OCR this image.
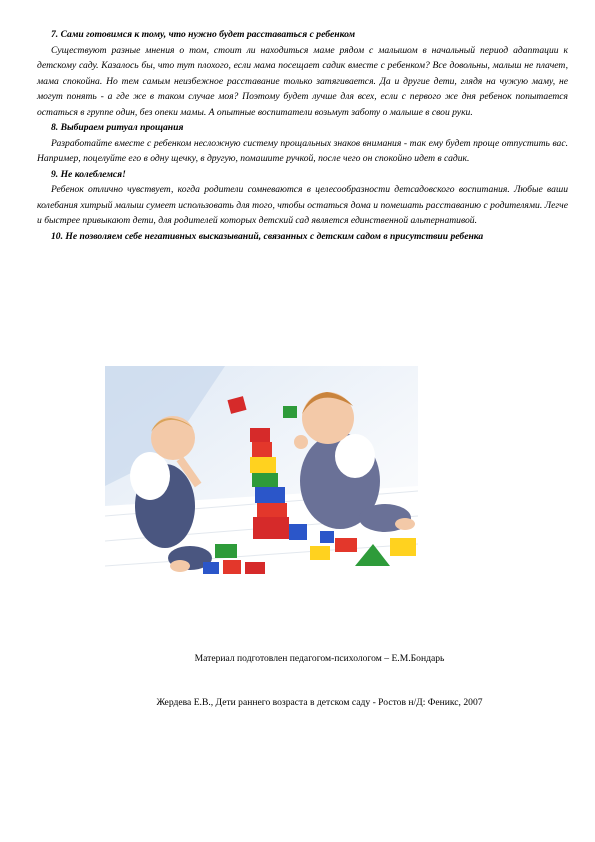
7. Сами готовимся к тому, что нужно будет расставаться с ребенком

Существуют разные мнения о том, стоит ли находиться маме рядом с малышом в начальный период адаптации к детскому саду. Казалось бы, что тут плохого, если мама посещает садик вместе с ребенком? Все довольны, малыш не плачет, мама спокойна. Но тем самым неизбежное расставание только затягивается. Да и другие дети, глядя на чужую маму, не могут понять - а где же в таком случае моя? Поэтому будет лучше для всех, если с первого же дня ребенок попытается остаться в группе один, без опеки мамы. А опытные воспитатели возьмут заботу о малыше в свои руки.

8. Выбираем ритуал прощания

Разработайте вместе с ребенком несложную систему прощальных знаков внимания - так ему будет проще отпустить вас. Например, поцелуйте его в одну щечку, в другую, помашите ручкой, после чего он спокойно идет в садик.

9. Не колеблемся!

Ребенок отлично чувствует, когда родители сомневаются в целесообразности детсадовского воспитания. Любые ваши колебания хитрый малыш сумеет использовать для того, чтобы остаться дома и помешать расставанию с родителями. Легче и быстрее привыкают дети, для родителей которых детский сад является единственной альтернативой.

10. Не позволяем себе негативных высказываний, связанных с детским садом в присутствии ребенка

Материал подготовлен педагогом-психологом – Е.М.Бондарь

Жердева Е.В., Дети раннего возраста в детском саду - Ростов н/Д: Феникс, 2007
